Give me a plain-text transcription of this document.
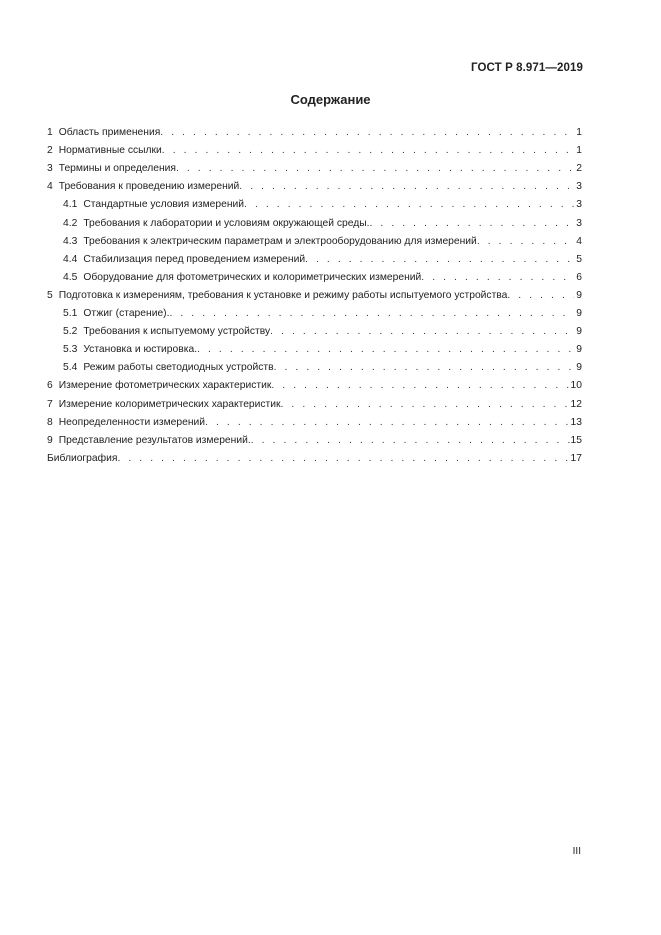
ГОСТ Р 8.971—2019
Содержание
1 Область применения . . .	1
2 Нормативные ссылки . . .	1
3 Термины и определения . . .	2
4 Требования к проведению измерений . . .	3
4.1 Стандартные условия измерений . . .	3
4.2 Требования к лаборатории и условиям окружающей среды. . . .	3
4.3 Требования к электрическим параметрам и электрооборудованию для измерений . . .	4
4.4 Стабилизация перед проведением измерений . . .	5
4.5 Оборудование для фотометрических и колориметрических измерений . . .	6
5 Подготовка к измерениям, требования к установке и режиму работы испытуемого устройства . . .	9
5.1 Отжиг (старение). . . .	9
5.2 Требования к испытуемому устройству . . .	9
5.3 Установка и юстировка. . . .	9
5.4 Режим работы светодиодных устройств . . .	9
6 Измерение фотометрических характеристик . . .	10
7 Измерение колориметрических характеристик . . .	12
8 Неопределенности измерений . . .	13
9 Представление результатов измерений. . . .	15
Библиография . . .	17
III
